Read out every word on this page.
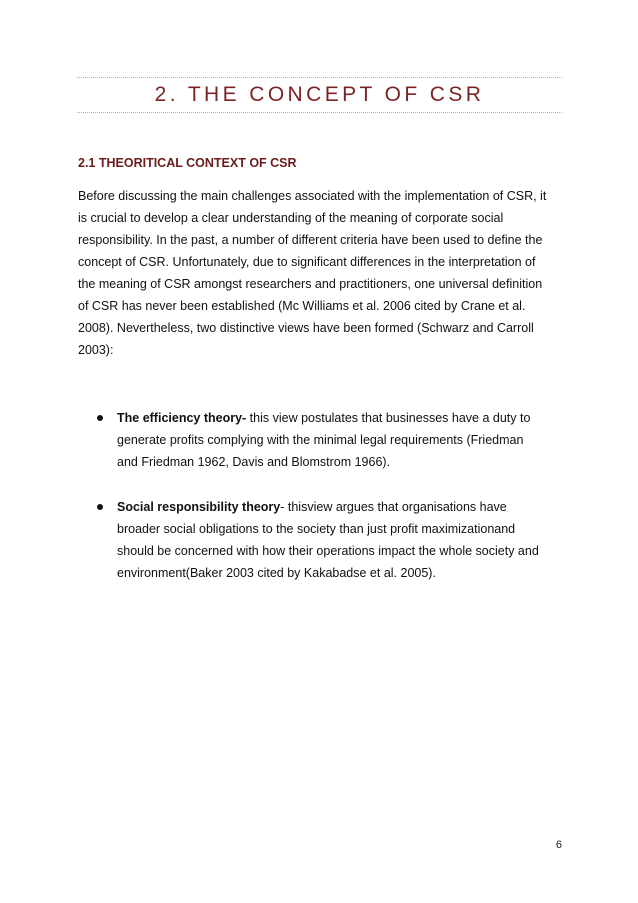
2. THE CONCEPT OF CSR
2.1 THEORITICAL CONTEXT OF CSR

Before discussing the main challenges associated with the implementation of CSR, it
is crucial to develop a clear understanding of the meaning of corporate social
responsibility. In the past, a number of different criteria have been used to define the
concept of CSR. Unfortunately, due to significant differences in the interpretation of
the meaning of CSR amongst researchers and practitioners, one universal definition
of CSR has never been established (Mc Williams et al. 2006 cited by Crane et al.
2008). Nevertheless, two distinctive views have been formed (Schwarz and Carroll
2003):

The efficiency theory- this view postulates that businesses have a duty to
generate profits complying with the minimal legal requirements (Friedman
and Friedman 1962, Davis and Blomstrom 1966).
Social responsibility theory- thisview argues that organisations have
broader social obligations to the society than just profit maximizationand
should be concerned with how their operations impact the whole society and
environment(Baker 2003 cited by Kakabadse et al. 2005).
6
